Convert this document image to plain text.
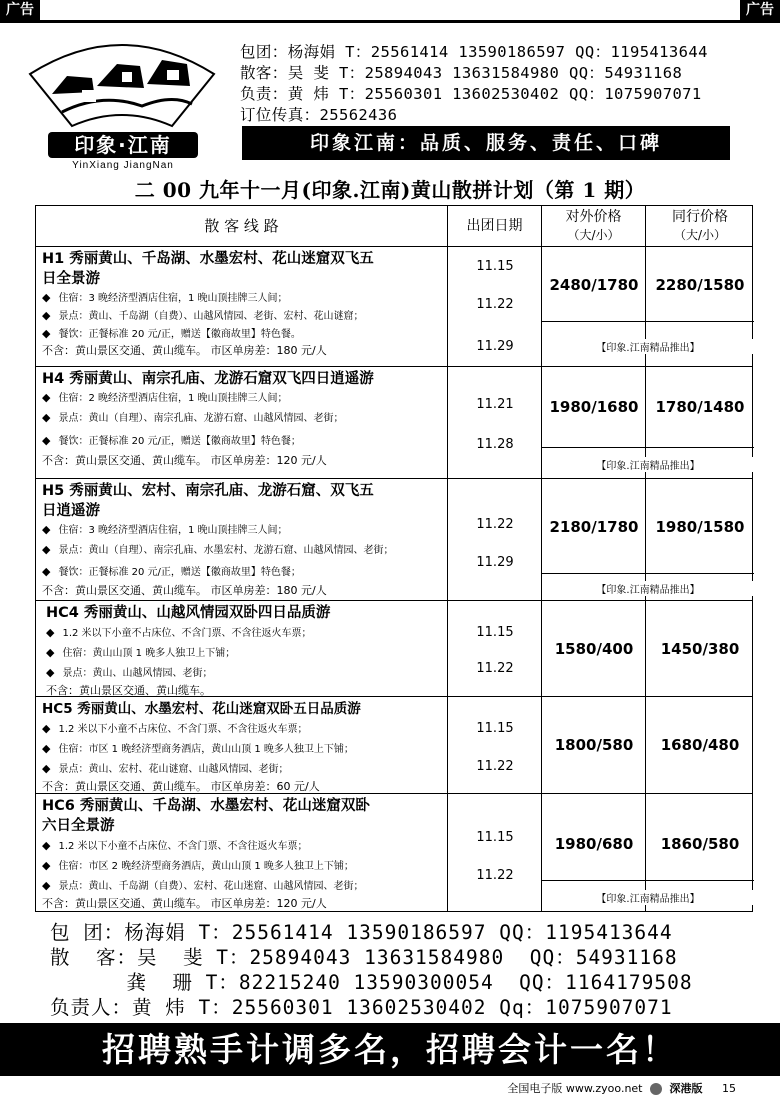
广告	广告
印象·江南
YinXiang JiangNan
包团：杨海娟 T：25561414 13590186597 QQ：1195413644
散客：吴 斐 T：25894043 13631584980 QQ：54931168
负责：黄 炜 T：25560301 13602530402 QQ：1075907071
订位传真：25562436
印象江南：品质、服务、责任、口碑
二 00 九年十一月(印象.江南)黄山散拼计划（第 1 期）
散 客 线 路	出团日期
对外价格
（大/小）
同行价格
（大/小）
H1 秀丽黄山、千岛湖、水墨宏村、花山迷窟双飞五
日全景游
◆ 住宿：3 晚经济型酒店住宿，1 晚山顶挂牌三人间；
◆ 景点：黄山、千岛湖（自费）、山越风情园、老街、宏村、花山谜窟；
◆ 餐饮：正餐标准 20 元/正，赠送【徽商故里】特色餐。
不含：黄山景区交通、黄山缆车。 市区单房差：180 元/人
11.15
11.22
11.29
2480/1780	2280/1580
【印象.江南精品推出】
H4 秀丽黄山、南宗孔庙、龙游石窟双飞四日逍遥游
◆ 住宿：2 晚经济型酒店住宿，1 晚山顶挂牌三人间；
◆ 景点：黄山（自理）、南宗孔庙、龙游石窟、山越风情园、老街；
◆ 餐饮：正餐标准 20 元/正，赠送【徽商故里】特色餐；
不含：黄山景区交通、黄山缆车。 市区单房差：120 元/人
11.21
11.28
1980/1680	1780/1480
【印象.江南精品推出】
H5 秀丽黄山、宏村、南宗孔庙、龙游石窟、双飞五
日逍遥游
◆ 住宿：3 晚经济型酒店住宿，1 晚山顶挂牌三人间；
◆ 景点：黄山（自理）、南宗孔庙、水墨宏村、龙游石窟、山越风情园、老街；
◆ 餐饮：正餐标准 20 元/正，赠送【徽商故里】特色餐；
不含：黄山景区交通、黄山缆车。 市区单房差：180 元/人
11.22
11.29
2180/1780	1980/1580
【印象.江南精品推出】
HC4 秀丽黄山、山越风情园双卧四日品质游
◆ 1.2 米以下小童不占床位、不含门票、不含往返火车票；
◆ 住宿：黄山山顶 1 晚多人独卫上下铺；
◆ 景点：黄山、山越风情园、老街；
不含：黄山景区交通、黄山缆车。
11.15
11.22
1580/400	1450/380
HC5 秀丽黄山、水墨宏村、花山迷窟双卧五日品质游
◆ 1.2 米以下小童不占床位、不含门票、不含往返火车票；
◆ 住宿：市区 1 晚经济型商务酒店，黄山山顶 1 晚多人独卫上下铺；
◆ 景点：黄山、宏村、花山谜窟、山越风情园、老街；
不含：黄山景区交通、黄山缆车。 市区单房差：60 元/人
11.15
11.22
1800/580	1680/480
HC6 秀丽黄山、千岛湖、水墨宏村、花山迷窟双卧
六日全景游
◆ 1.2 米以下小童不占床位、不含门票、不含往返火车票；
◆ 住宿：市区 2 晚经济型商务酒店，黄山山顶 1 晚多人独卫上下铺；
◆ 景点：黄山、千岛湖（自费）、宏村、花山迷窟、山越风情园、老街；
不含：黄山景区交通、黄山缆车。 市区单房差：120 元/人
11.15
11.22
1980/680	1860/580
【印象.江南精品推出】
包 团：杨海娟 T：25561414 13590186597 QQ：1195413644
散  客：吴  斐 T：25894043 13631584980  QQ：54931168
龚  珊 T：82215240 13590300054  QQ：1164179508
负责人：黄 炜 T：25560301 13602530402 Qq：1075907071
招聘熟手计调多名，招聘会计一名！
全国电子版 www.zyoo.net 深港版 15
